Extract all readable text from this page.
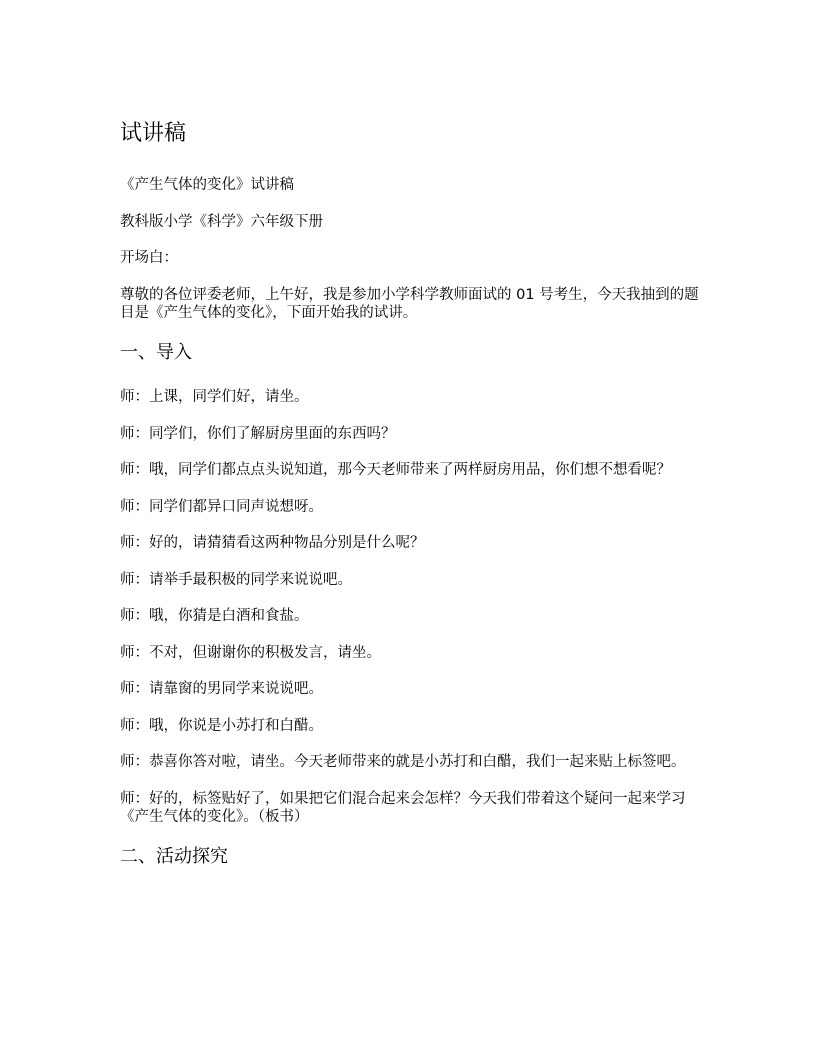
试讲稿

《产生气体的变化》试讲稿

教科版小学《科学》六年级下册

开场白：

尊敬的各位评委老师，上午好，我是参加小学科学教师面试的 01 号考生，今天我抽到的题目是《产生气体的变化》，下面开始我的试讲。

一、导入

师：上课，同学们好，请坐。

师：同学们，你们了解厨房里面的东西吗？

师：哦，同学们都点点头说知道，那今天老师带来了两样厨房用品，你们想不想看呢？

师：同学们都异口同声说想呀。

师：好的，请猜猜看这两种物品分别是什么呢？

师：请举手最积极的同学来说说吧。

师：哦，你猜是白酒和食盐。

师：不对，但谢谢你的积极发言，请坐。

师：请靠窗的男同学来说说吧。

师：哦，你说是小苏打和白醋。

师：恭喜你答对啦，请坐。今天老师带来的就是小苏打和白醋，我们一起来贴上标签吧。

师：好的，标签贴好了，如果把它们混合起来会怎样？今天我们带着这个疑问一起来学习《产生气体的变化》。（板书）

二、活动探究
